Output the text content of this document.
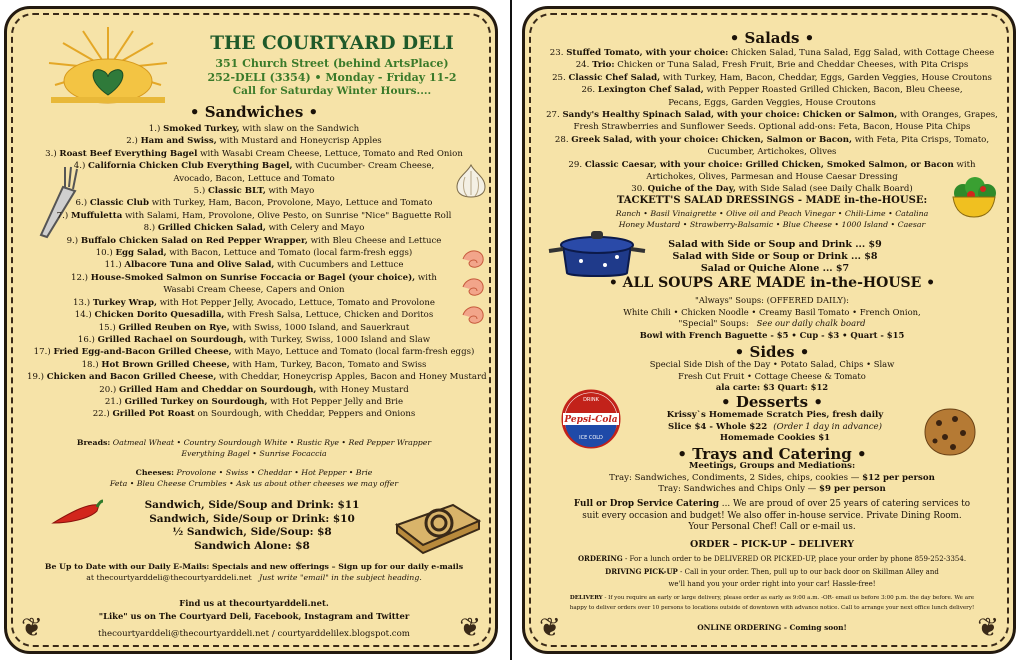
THE COURTYARD DELI
351 Church Street (behind ArtsPlace)
252-DELI (3354) • Monday - Friday 11-2
Call for Saturday Winter Hours....
• Sandwiches •
1.) Smoked Turkey, with slaw on the Sandwich
2.) Ham and Swiss, with Mustard and Honeycrisp Apples
3.) Roast Beef Everything Bagel with Wasabi Cream Cheese, Lettuce, Tomato and Red Onion
4.) California Chicken Club Everything Bagel, with Cucumber- Cream Cheese,
Avocado, Bacon, Lettuce and Tomato
5.) Classic BLT, with Mayo
6.) Classic Club with Turkey, Ham, Bacon, Provolone, Mayo, Lettuce and Tomato
7.) Muffuletta with Salami, Ham, Provolone, Olive Pesto, on Sunrise "Nice" Baguette Roll
8.) Grilled Chicken Salad, with Celery and Mayo
9.) Buffalo Chicken Salad on Red Pepper Wrapper, with Bleu Cheese and Lettuce
10.) Egg Salad, with Bacon, Lettuce and Tomato (local farm-fresh eggs)
11.) Albacore Tuna and Olive Salad, with Cucumbers and Lettuce
12.) House-Smoked Salmon on Sunrise Foccacia or Bagel (your choice), with
Wasabi Cream Cheese, Capers and Onion
13.) Turkey Wrap, with Hot Pepper Jelly, Avocado, Lettuce, Tomato and Provolone
14.) Chicken Dorito Quesadilla, with Fresh Salsa, Lettuce, Chicken and Doritos
15.) Grilled Reuben on Rye, with Swiss, 1000 Island, and Sauerkraut
16.) Grilled Rachael on Sourdough, with Turkey, Swiss, 1000 Island and Slaw
17.) Fried Egg-and-Bacon Grilled Cheese, with Mayo, Lettuce and Tomato (local farm-fresh eggs)
18.) Hot Brown Grilled Cheese, with Ham, Turkey, Bacon, Tomato and Swiss
19.) Chicken and Bacon Grilled Cheese, with Cheddar, Honeycrisp Apples, Bacon and Honey Mustard
20.) Grilled Ham and Cheddar on Sourdough, with Honey Mustard
21.) Grilled Turkey on Sourdough, with Hot Pepper Jelly and Brie
22.) Grilled Pot Roast on Sourdough, with Cheddar, Peppers and Onions
Breads: Oatmeal Wheat • Country Sourdough White • Rustic Rye • Red Pepper Wrapper
Everything Bagel • Sunrise Focaccia
Cheeses: Provolone • Swiss • Cheddar • Hot Pepper • Brie
Feta • Bleu Cheese Crumbles • Ask us about other cheeses we may offer
Sandwich, Side/Soup and Drink: $11
Sandwich, Side/Soup or Drink: $10
½ Sandwich, Side/Soup: $8
Sandwich Alone: $8
Be Up to Date with our Daily E-Mails: Specials and new offerings – Sign up for our daily e-mails
at thecourtyarddeli@thecourtyarddeli.net Just write "email" in the subject heading.
Find us at thecourtyarddeli.net.
"Like" us on The Courtyard Deli, Facebook, Instagram and Twitter
thecourtyarddeli@thecourtyarddeli.net / courtyarddelilex.blogspot.com
❦	❦
• Salads •
23. Stuffed Tomato, with your choice: Chicken Salad, Tuna Salad, Egg Salad, with Cottage Cheese
24. Trio: Chicken or Tuna Salad, Fresh Fruit, Brie and Cheddar Cheeses, with Pita Crisps
25. Classic Chef Salad, with Turkey, Ham, Bacon, Cheddar, Eggs, Garden Veggies, House Croutons
26. Lexington Chef Salad, with Pepper Roasted Grilled Chicken, Bacon, Bleu Cheese,
Pecans, Eggs, Garden Veggies, House Croutons
27. Sandy's Healthy Spinach Salad, with your choice: Chicken or Salmon, with Oranges, Grapes,
Fresh Strawberries and Sunflower Seeds. Optional add-ons: Feta, Bacon, House Pita Chips
28. Greek Salad, with your choice: Chicken, Salmon or Bacon, with Feta, Pita Crisps, Tomato,
Cucumber, Artichokes, Olives
29. Classic Caesar, with your choice: Grilled Chicken, Smoked Salmon, or Bacon with
Artichokes, Olives, Parmesan and House Caesar Dressing
30. Quiche of the Day, with Side Salad (see Daily Chalk Board)
TACKETT'S SALAD DRESSINGS - MADE in-the-HOUSE:
Ranch • Basil Vinaigrette • Olive oil and Peach Vinegar • Chili-Lime • Catalina
Honey Mustard • Strawberry-Balsamic • Blue Cheese • 1000 Island • Caesar
Salad with Side or Soup and Drink ... $9
Salad with Side or Soup or Drink ... $8
Salad or Quiche Alone ... $7
• ALL SOUPS ARE MADE in-the-HOUSE •
"Always" Soups: (OFFERED DAILY):
White Chili • Chicken Noodle • Creamy Basil Tomato • French Onion,
"Special" Soups: See our daily chalk board
Bowl with French Baguette - $5 • Cup - $3 • Quart - $15
• Sides •
Special Side Dish of the Day • Potato Salad, Chips • Slaw
Fresh Cut Fruit • Cottage Cheese & Tomato
ala carte: $3 Quart: $12
DRINK
Pepsi-Cola
ICE COLD
• Desserts •
Krissy`s Homemade Scratch Pies, fresh daily
Slice $4 - Whole $22 (Order 1 day in advance)
Homemade Cookies $1
• Trays and Catering •
Meetings, Groups and Mediations:
Tray: Sandwiches, Condiments, 2 Sides, chips, cookies — $12 per person
Tray: Sandwiches and Chips Only — $9 per person
Full or Drop Service Catering ... We are proud of over 25 years of catering services to
suit every occasion and budget! We also offer in-house service. Private Dining Room.
Your Personal Chef! Call or e-mail us.
ORDER – PICK-UP – DELIVERY
ORDERING - For a lunch order to be DELIVERED OR PICKED-UP, place your order by phone 859-252-3354.
DRIVING PICK-UP - Call in your order. Then, pull up to our back door on Skillman Alley and
we'll hand you your order right into your car! Hassle-free!
DELIVERY - If you require an early or large delivery, please order as early as 9:00 a.m. -OR- email us before 3:00 p.m. the day before. We are
happy to deliver orders over 10 persons to locations outside of downtown with advance notice. Call to arrange your next office lunch delivery!
ONLINE ORDERING - Coming soon!
❦	❦
